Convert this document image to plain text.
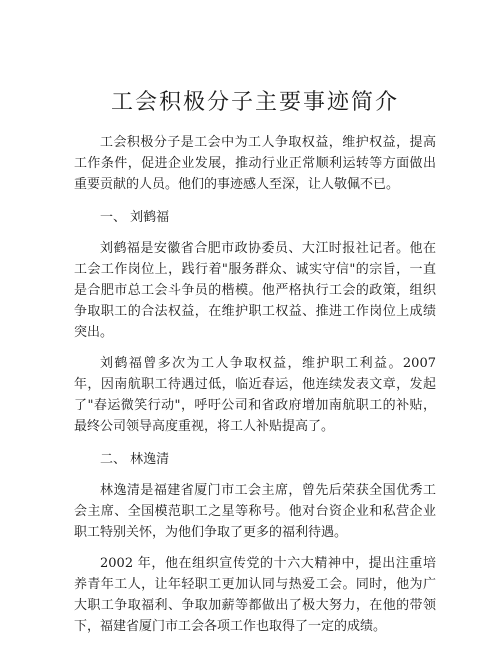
工会积极分子主要事迹简介

工会积极分子是工会中为工人争取权益，维护权益，提高工作条件，促进企业发展，推动行业正常顺利运转等方面做出重要贡献的人员。他们的事迹感人至深，让人敬佩不已。

一、 刘鹤福

刘鹤福是安徽省合肥市政协委员、大江时报社记者。他在工会工作岗位上，践行着"服务群众、诚实守信"的宗旨，一直是合肥市总工会斗争员的楷模。他严格执行工会的政策，组织争取职工的合法权益，在维护职工权益、推进工作岗位上成绩突出。

刘鹤福曾多次为工人争取权益，维护职工利益。2007 年，因南航职工待遇过低，临近春运，他连续发表文章，发起了"春运微笑行动"，呼吁公司和省政府增加南航职工的补贴，最终公司领导高度重视，将工人补贴提高了。

二、 林逸清

林逸清是福建省厦门市工会主席，曾先后荣获全国优秀工会主席、全国模范职工之星等称号。他对台资企业和私营企业职工特别关怀，为他们争取了更多的福利待遇。

2002 年，他在组织宣传党的十六大精神中，提出注重培养青年工人，让年轻职工更加认同与热爱工会。同时，他为广大职工争取福利、争取加薪等都做出了极大努力，在他的带领下，福建省厦门市工会各项工作也取得了一定的成绩。
